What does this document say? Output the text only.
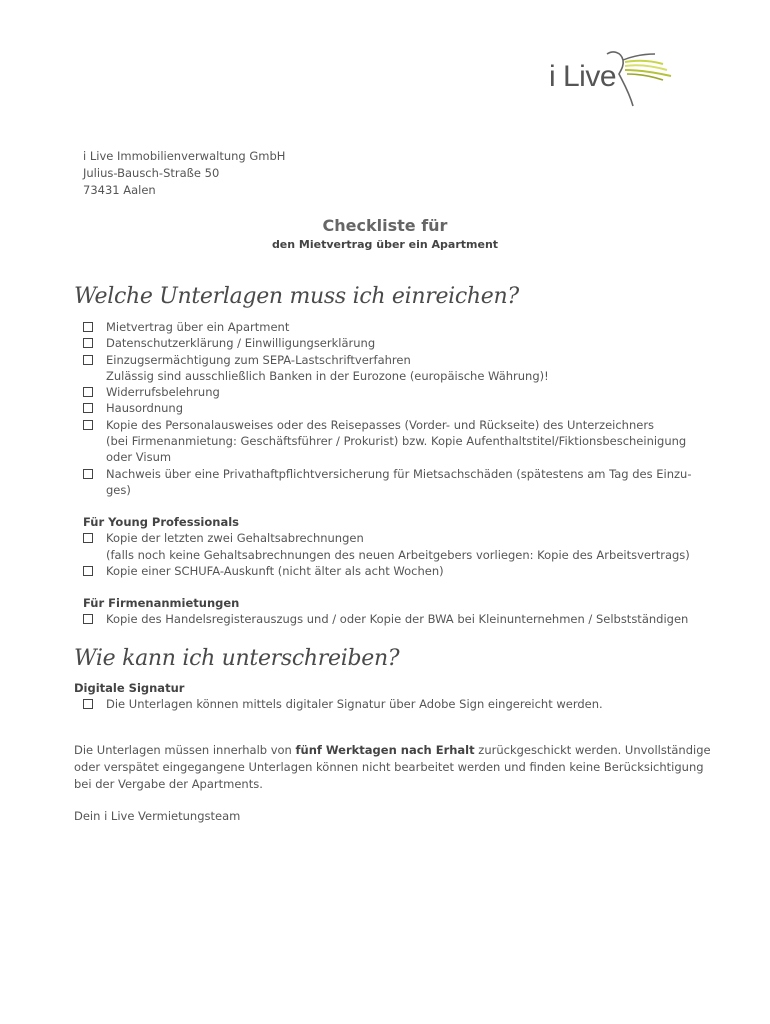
i Live
i Live Immobilienverwaltung GmbH
Julius-Bausch-Straße 50
73431 Aalen
Checkliste für
den Mietvertrag über ein Apartment
Welche Unterlagen muss ich einreichen?
Mietvertrag über ein Apartment
Datenschutzerklärung / Einwilligungserklärung
Einzugsermächtigung zum SEPA-Lastschriftverfahren
Zulässig sind ausschließlich Banken in der Eurozone (europäische Währung)!
Widerrufsbelehrung
Hausordnung
Kopie des Personalausweises oder des Reisepasses (Vorder- und Rückseite) des Unterzeichners
(bei Firmenanmietung: Geschäftsführer / Prokurist) bzw. Kopie Aufenthaltstitel/Fiktionsbescheinigung
oder Visum
Nachweis über eine Privathaftpflichtversicherung für Mietsachschäden (spätestens am Tag des Einzu-
ges)
Für Young Professionals
Kopie der letzten zwei Gehaltsabrechnungen
(falls noch keine Gehaltsabrechnungen des neuen Arbeitgebers vorliegen: Kopie des Arbeitsvertrags)
Kopie einer SCHUFA-Auskunft (nicht älter als acht Wochen)
Für Firmenanmietungen
Kopie des Handelsregisterauszugs und / oder Kopie der BWA bei Kleinunternehmen / Selbstständigen
Wie kann ich unterschreiben?
Digitale Signatur
Die Unterlagen können mittels digitaler Signatur über Adobe Sign eingereicht werden.
Die Unterlagen müssen innerhalb von fünf Werktagen nach Erhalt zurückgeschickt werden. Unvollständige
oder verspätet eingegangene Unterlagen können nicht bearbeitet werden und finden keine Berücksichtigung
bei der Vergabe der Apartments.
Dein i Live Vermietungsteam
